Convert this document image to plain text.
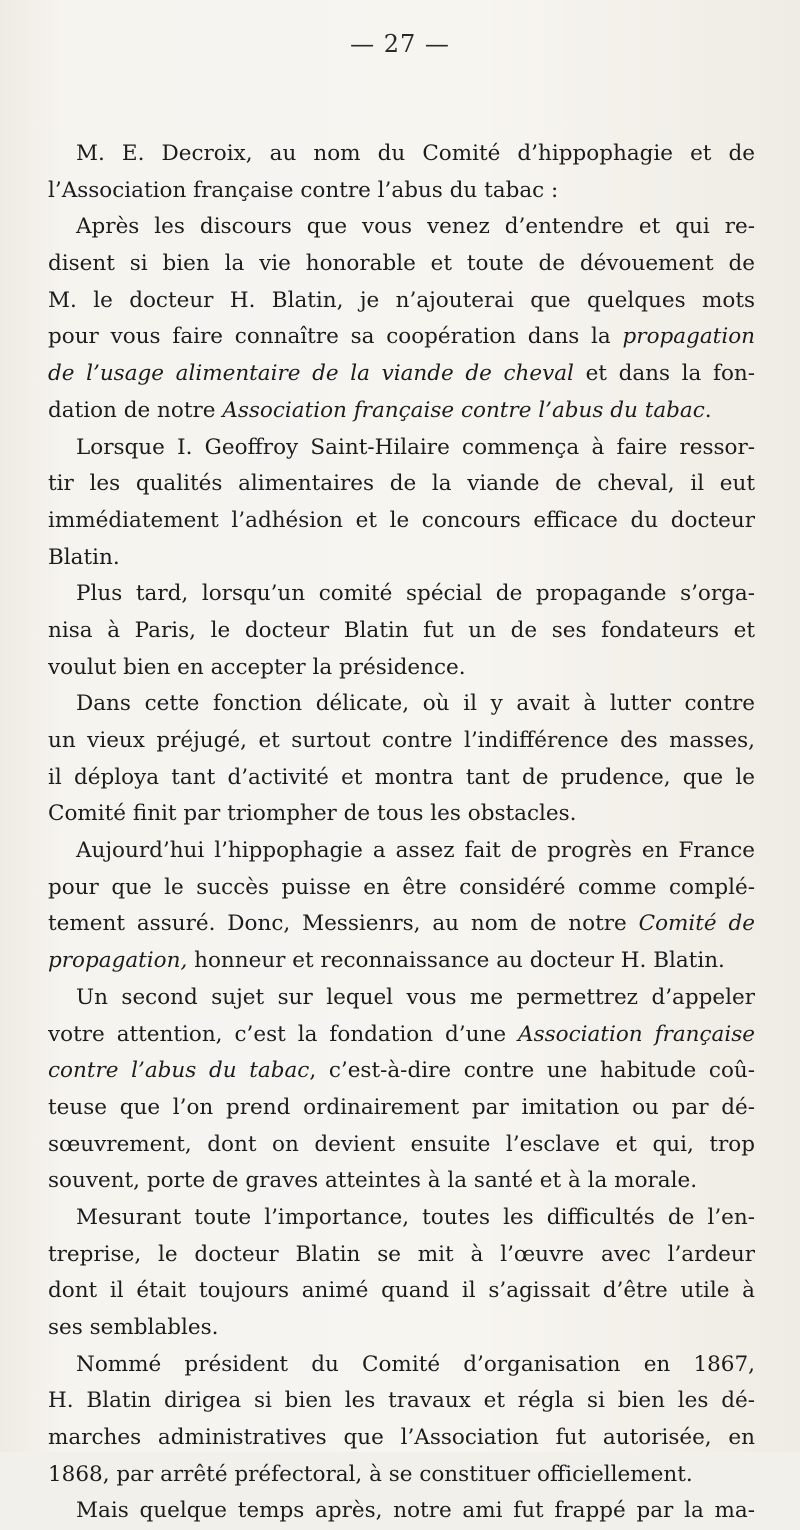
— 27 —
M. E. Decroix, au nom du Comité d’hippophagie et de
l’Association française contre l’abus du tabac :
Après les discours que vous venez d’entendre et qui re-
disent si bien la vie honorable et toute de dévouement de
M. le docteur H. Blatin, je n’ajouterai que quelques mots
pour vous faire connaître sa coopération dans la propagation
de l’usage alimentaire de la viande de cheval et dans la fon-
dation de notre Association française contre l’abus du tabac.
Lorsque I. Geoffroy Saint-Hilaire commença à faire ressor-
tir les qualités alimentaires de la viande de cheval, il eut
immédiatement l’adhésion et le concours efficace du docteur
Blatin.
Plus tard, lorsqu’un comité spécial de propagande s’orga-
nisa à Paris, le docteur Blatin fut un de ses fondateurs et
voulut bien en accepter la présidence.
Dans cette fonction délicate, où il y avait à lutter contre
un vieux préjugé, et surtout contre l’indifférence des masses,
il déploya tant d’activité et montra tant de prudence, que le
Comité finit par triompher de tous les obstacles.
Aujourd’hui l’hippophagie a assez fait de progrès en France
pour que le succès puisse en être considéré comme complé-
tement assuré. Donc, Messienrs, au nom de notre Comité de
propagation, honneur et reconnaissance au docteur H. Blatin.
Un second sujet sur lequel vous me permettrez d’appeler
votre attention, c’est la fondation d’une Association française
contre l’abus du tabac, c’est-à-dire contre une habitude coû-
teuse que l’on prend ordinairement par imitation ou par dé-
sœuvrement, dont on devient ensuite l’esclave et qui, trop
souvent, porte de graves atteintes à la santé et à la morale.
Mesurant toute l’importance, toutes les difficultés de l’en-
treprise, le docteur Blatin se mit à l’œuvre avec l’ardeur
dont il était toujours animé quand il s’agissait d’être utile à
ses semblables.
Nommé président du Comité d’organisation en 1867,
H. Blatin dirigea si bien les travaux et régla si bien les dé-
marches administratives que l’Association fut autorisée, en
1868, par arrêté préfectoral, à se constituer officiellement.
Mais quelque temps après, notre ami fut frappé par la ma-
